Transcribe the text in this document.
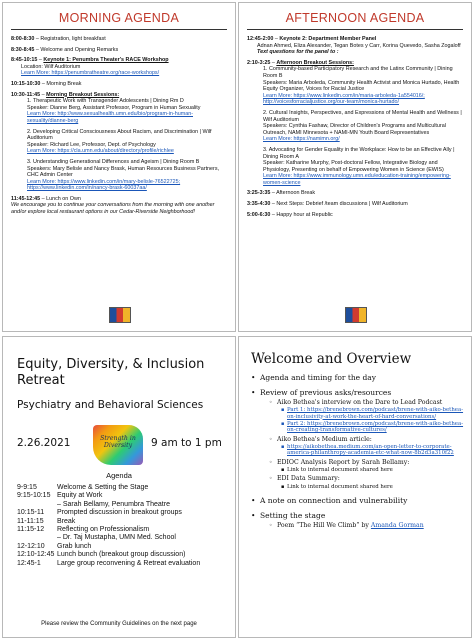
MORNING AGENDA
8:00-8:30 – Registration, light breakfast
8:30-8:45 – Welcome and Opening Remarks
8:45-10:15 – Keynote 1: Penumbra Theater's RACE Workshop
Location: Wilf Auditorium
Learn More: https://penumbratheatre.org/race-workshops/
10:15-10:30 – Morning Break
10:30-11:45 – Morning Breakout Sessions:
1. Therapeutic Work with Transgender Adolescents | Dining Rm D
Speaker: Dianne Berg, Assistant Professor, Program in Human Sexuality
Learn More: http://www.sexualhealth.umn.edu/bio/program-in-human-sexuality/dianne-berg
2. Developing Critical Consciousness About Racism, and Discrimination | Wilf Auditorium
Speaker: Richard Lee, Professor, Dept. of Psychology
Learn More: https://cla.umn.edu/about/directory/profile/richlee
3. Understanding Generational Differences and Ageism | Dining Room B
Speakers: Mary Belisle and Nancy Brask, Human Resources Business Partners, CHC Admin Center
Learn More: https://www.linkedin.com/in/mary-belisle-76522725; https://www.linkedin.com/in/nancy-brask-60037aa/
11:45-12:45 – Lunch on Own
We encourage you to continue your conversations from the morning with one another and/or explore local restaurant options in our Cedar-Riverside Neighborhood!
AFTERNOON AGENDA
12:45-2:00 – Keynote 2: Department Member Panel
Adnan Ahmed, Eliza Alexander, Tegan Botes y Carr, Korina Quevedo, Sasha Zogaloff
Text questions for the panel to :
2:10-3:25 – Afternoon Breakout Sessions:
1. Community-based Participatory Research and the Latinx Community | Dining Room B
Speakers: Maria Arboleda, Community Health Activist and Monica Hurtado, Health Equity Organizer, Voices for Racial Justice
Learn More: https://www.linkedin.com/in/maria-arboleda-1a554016/; http://voicesforracialjustice.org/our-team/monica-hurtado/
2. Cultural Insights, Perspectives, and Expressions of Mental Health and Wellness | Wilf Auditorium
Speakers: Cynthia Fashaw, Director of Children's Programs and Multicultural Outreach, NAMI Minnesota + NAMI-MN Youth Board Representatives
Learn More: https://namimn.org/
3. Advocating for Gender Equality in the Workplace: How to be an Effective Ally | Dining Room A
Speaker: Katharine Murphy, Post-doctoral Fellow, Integrative Biology and Physiology, Presenting on behalf of Empowering Women in Science (EWIS)
Learn More: https://www.immunology.umn.edu/education-training/empowering-women-science
3:25-3:35 – Afternoon Break
3:35-4:30 – Next Steps: Debrief /team discussions | Wilf Auditorium
5:00-6:30 – Happy hour at Republic
Equity, Diversity, & Inclusion
Retreat
Psychiatry and Behavioral Sciences
2.26.2021	Strength in Diversity	9 am to 1 pm
Agenda
9-9:15	Welcome & Setting the Stage
9:15-10:15 Equity at Work
– Sarah Bellamy, Penumbra Theatre
10:15-11	Prompted discussion in breakout groups
11-11:15	Break
11:15-12	Reflecting on Professionalism
– Dr. Taj Mustapha, UMN Med. School
12-12:10	Grab lunch
12:10-12:45 Lunch bunch (breakout group discussion)
12:45-1	Large group reconvening & Retreat evaluation
Please review the Community Guidelines on the next page
Welcome and Overview
• Agenda and timing for the day
• Review of previous asks/resources
◦ Aiko Bethea's interview on the Dare to Lead Podcast
▪ Part 1: https://brenebrown.com/podcast/brene-with-aiko-bethea-on-inclusivity-at-work-the-heart-of-hard-conversations/
▪ Part 2: https://brenebrown.com/podcast/brene-with-aiko-bethea-on-creating-transformative-cultures/
◦ Aiko Bethea's Medium article:
▪ https://aikobethea.medium.com/an-open-letter-to-corporate-america-philanthropy-academia-etc-what-now-8b2d3a310f22
◦ EDIOC Analysis Report by Sarah Bellamy:
▪ Link to internal document shared here
◦ EDI Data Summary:
▪ Link to internal document shared here
• A note on connection and vulnerability
• Setting the stage
◦ Poem “The Hill We Climb” by Amanda Gorman
